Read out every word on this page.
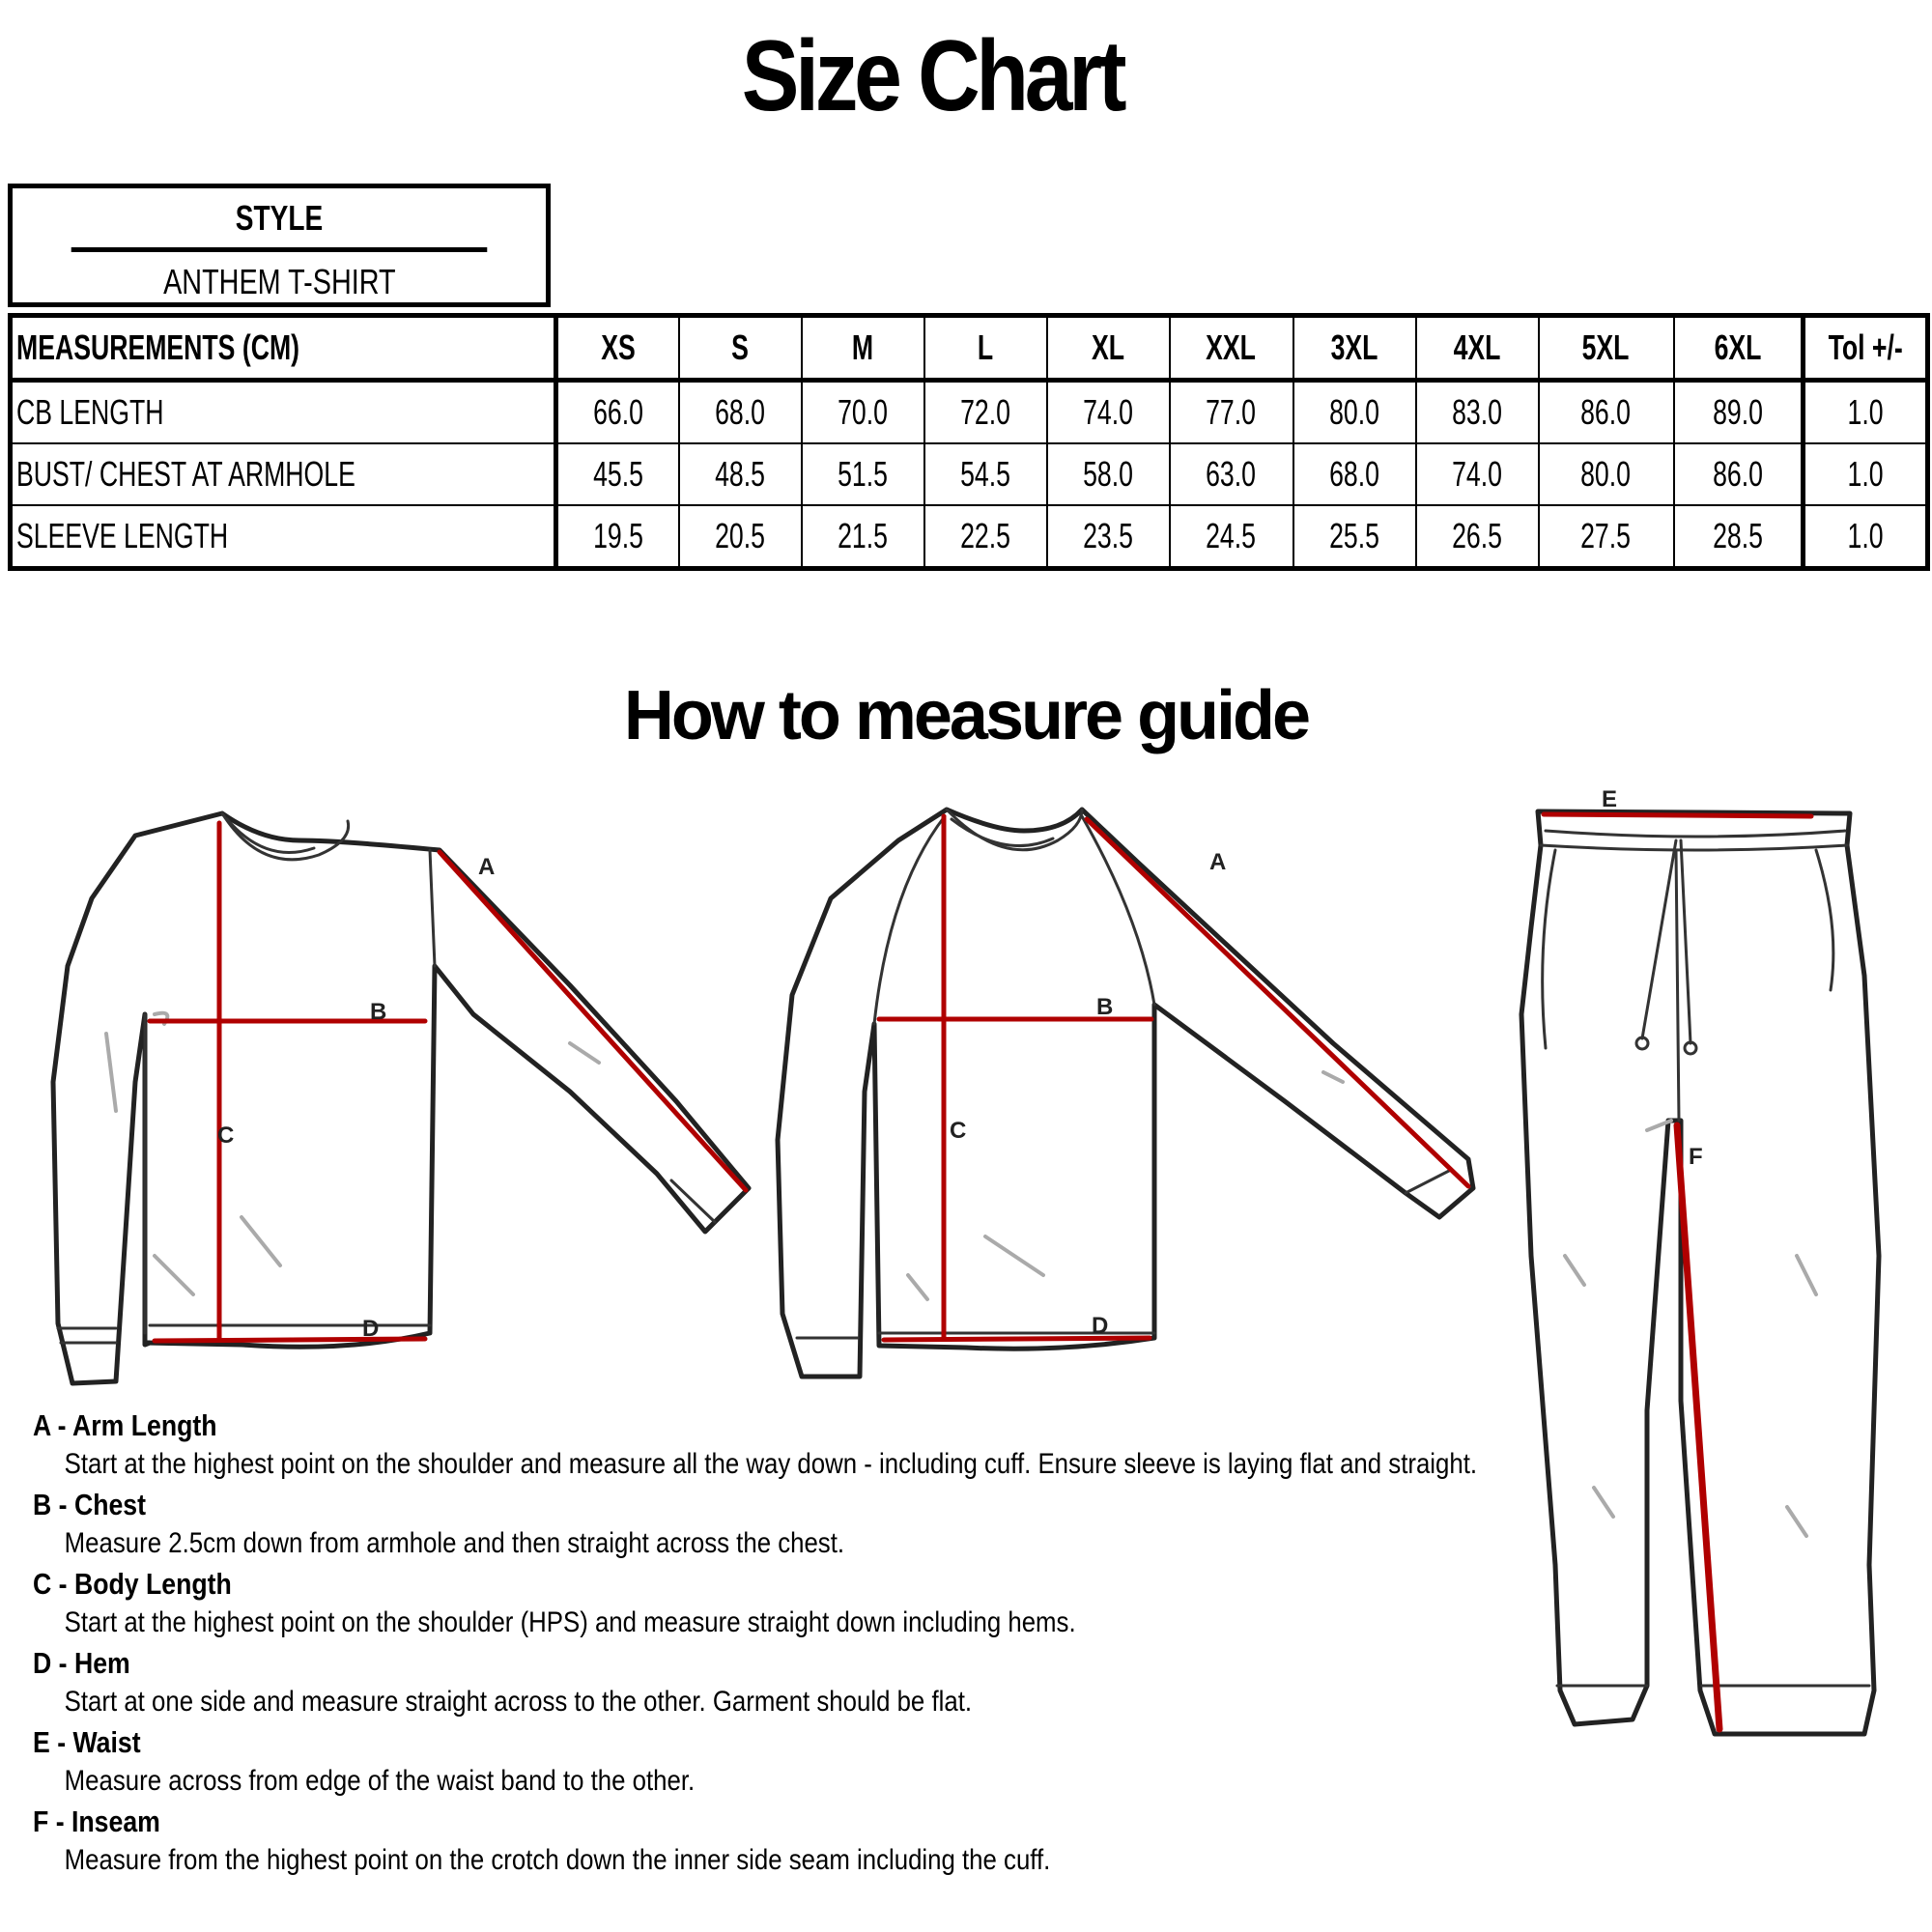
Size Chart
STYLE
ANTHEM T-SHIRT
MEASUREMENTS (CM)	XS	S	M	L	XL	XXL	3XL	4XL	5XL	6XL	Tol +/-
CB LENGTH	66.0	68.0	70.0	72.0	74.0	77.0	80.0	83.0	86.0	89.0	1.0
BUST/ CHEST AT ARMHOLE	45.5	48.5	51.5	54.5	58.0	63.0	68.0	74.0	80.0	86.0	1.0
SLEEVE LENGTH	19.5	20.5	21.5	22.5	23.5	24.5	25.5	26.5	27.5	28.5	1.0
How to measure guide
A
B
C
D
A
B
C
D
E
F
A - Arm Length
Start at the highest point on the shoulder and measure all the way down - including cuff. Ensure sleeve is laying flat and straight.
B - Chest
Measure 2.5cm down from armhole and then straight across the chest.
C - Body Length
Start at the highest point on the shoulder (HPS) and measure straight down including hems.
D - Hem
Start at one side and measure straight across to the other. Garment should be flat.
E - Waist
Measure across from edge of the waist band to the other.
F - Inseam
Measure from the highest point on the crotch down the inner side seam including the cuff.
